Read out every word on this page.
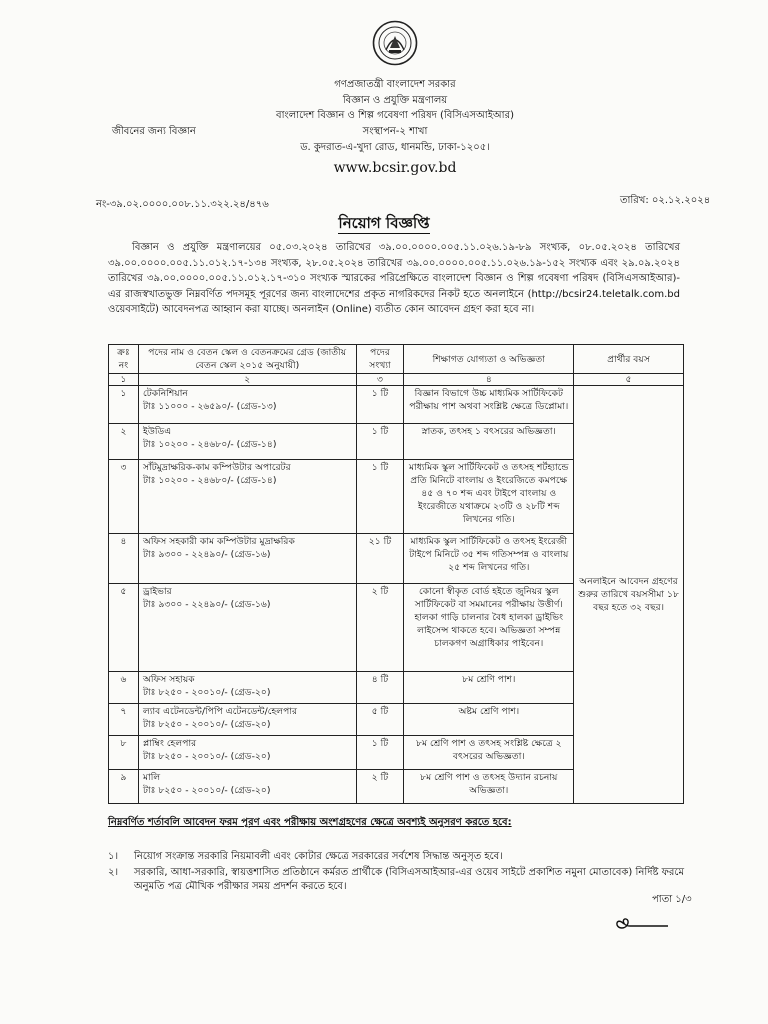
গণপ্রজাতন্ত্রী বাংলাদেশ সরকার
বিজ্ঞান ও প্রযুক্তি মন্ত্রণালয়
বাংলাদেশ বিজ্ঞান ও শিল্প গবেষণা পরিষদ (বিসিএসআইআর)
সংস্থাপন-২ শাখা
ড. কুদরাত-এ-খুদা রোড, ধানমন্ডি, ঢাকা-১২০৫।
জীবনের জন্য বিজ্ঞান
www.bcsir.gov.bd
নং-৩৯.০২.০০০০.০০৮.১১.৩২২.২৪/৪৭৬	তারিখ: ০২.১২.২০২৪
নিয়োগ বিজ্ঞপ্তি
বিজ্ঞান ও প্রযুক্তি মন্ত্রণালয়ের ০৫.০৩.২০২৪ তারিখের ৩৯.০০.০০০০.০০৫.১১.০২৬.১৯-৮৯ সংখ্যক, ০৮.০৫.২০২৪ তারিখের ৩৯.০০.০০০০.০০৫.১১.০১২.১৭-১৩৪ সংখ্যক, ২৮.০৫.২০২৪ তারিখের ৩৯.০০.০০০০.০০৫.১১.০২৬.১৯-১৫২ সংখ্যক এবং ২৯.০৯.২০২৪ তারিখের ৩৯.০০.০০০০.০০৫.১১.০১২.১৭-৩১০ সংখ্যক স্মারকের পরিপ্রেক্ষিতে বাংলাদেশ বিজ্ঞান ও শিল্প গবেষণা পরিষদ (বিসিএসআইআর)-এর রাজস্বখাতভুক্ত নিম্নবর্ণিত পদসমূহ পূরণের জন্য বাংলাদেশের প্রকৃত নাগরিকদের নিকট হতে অনলাইনে (http://bcsir24.teletalk.com.bd ওয়েবসাইটে) আবেদনপত্র আহ্বান করা যাচ্ছে। অনলাইন (Online) ব্যতীত কোন আবেদন গ্রহণ করা হবে না।
ক্রঃ নং	পদের নাম ও বেতন স্কেল ও বেতনক্রমের গ্রেড (জাতীয় বেতন স্কেল ২০১৫ অনুযায়ী)	পদের সংখ্যা	শিক্ষাগত যোগ্যতা ও অভিজ্ঞতা	প্রার্থীর বয়স
১	২	৩	৪	৫
১	টেকনিশিয়ান
টাঃ ১১০০০ - ২৬৫৯০/- (গ্রেড-১৩)	১ টি	বিজ্ঞান বিভাগে উচ্চ মাধ্যমিক সার্টিফিকেট পরীক্ষায় পাশ অথবা সংশ্লিষ্ট ক্ষেত্রে ডিপ্লোমা।	অনলাইনে আবেদন গ্রহণের শুরুর তারিখে বয়সসীমা ১৮ বছর হতে ৩২ বছর।
২	ইউডিএ
টাঃ ১০২০০ - ২৪৬৮০/- (গ্রেড-১৪)	১ টি	স্নাতক, তৎসহ ১ বৎসরের অভিজ্ঞতা।	
৩	সাঁটমুদ্রাক্ষরিক-কাম কম্পিউটার অপারেটর
টাঃ ১০২০০ - ২৪৬৮০/- (গ্রেড-১৪)	১ টি	মাধ্যমিক স্কুল সার্টিফিকেট ও তৎসহ শর্টহ্যান্ডে প্রতি মিনিটে বাংলায় ও ইংরেজিতে কমপক্ষে ৪৫ ও ৭০ শব্দ এবং টাইপে বাংলায় ও ইংরেজীতে যথাক্রমে ২৩টি ও ২৮টি শব্দ লিখনের গতি।	
৪	অফিস সহকারী কাম কম্পিউটার মুদ্রাক্ষরিক
টাঃ ৯৩০০ - ২২৪৯০/- (গ্রেড-১৬)	২১ টি	মাধ্যমিক স্কুল সার্টিফিকেট ও তৎসহ ইংরেজী টাইপে মিনিটে ৩৫ শব্দ গতিসম্পন্ন ও বাংলায় ২৫ শব্দ লিখনের গতি।	
৫	ড্রাইভার
টাঃ ৯৩০০ - ২২৪৯০/- (গ্রেড-১৬)	২ টি	কোনো স্বীকৃত বোর্ড হইতে জুনিয়র স্কুল সার্টিফিকেট বা সমমানের পরীক্ষায় উত্তীর্ণ। হালকা গাড়ি চালনার বৈধ হালকা ড্রাইভিং লাইসেন্স থাকতে হবে। অভিজ্ঞতা সম্পন্ন চালকগণ অগ্রাধিকার পাইবেন।	
৬	অফিস সহায়ক
টাঃ ৮২৫০ - ২০০১০/- (গ্রেড-২০)	৪ টি	৮ম শ্রেণি পাশ।	
৭	ল্যাব এটেনডেন্ট/পিপি এটেনডেন্ট/হেলপার
টাঃ ৮২৫০ - ২০০১০/- (গ্রেড-২০)	৫ টি	অষ্টম শ্রেণি পাশ।	
৮	প্লাম্বিং হেলপার
টাঃ ৮২৫০ - ২০০১০/- (গ্রেড-২০)	১ টি	৮ম শ্রেণি পাশ ও তৎসহ সংশ্লিষ্ট ক্ষেত্রে ২ বৎসরের অভিজ্ঞতা।	
৯	মালি
টাঃ ৮২৫০ - ২০০১০/- (গ্রেড-২০)	২ টি	৮ম শ্রেণি পাশ ও তৎসহ উদ্যান রচনায় অভিজ্ঞতা।	
নিম্নবর্ণিত শর্তাবলি আবেদন ফরম পূরণ এবং পরীক্ষায় অংশগ্রহণের ক্ষেত্রে অবশ্যই অনুসরণ করতে হবে:
১। নিয়োগ সংক্রান্ত সরকারি নিয়মাবলী এবং কোটার ক্ষেত্রে সরকারের সর্বশেষ সিদ্ধান্ত অনুসৃত হবে।
২। সরকারি, আধা-সরকারি, স্বায়ত্তশাসিত প্রতিষ্ঠানে কর্মরত প্রার্থীকে (বিসিএসআইআর-এর ওয়েব সাইটে প্রকাশিত নমুনা মোতাবেক) নির্দিষ্ট ফরমে অনুমতি পত্র মৌখিক পরীক্ষার সময় প্রদর্শন করতে হবে।
পাতা ১/৩
